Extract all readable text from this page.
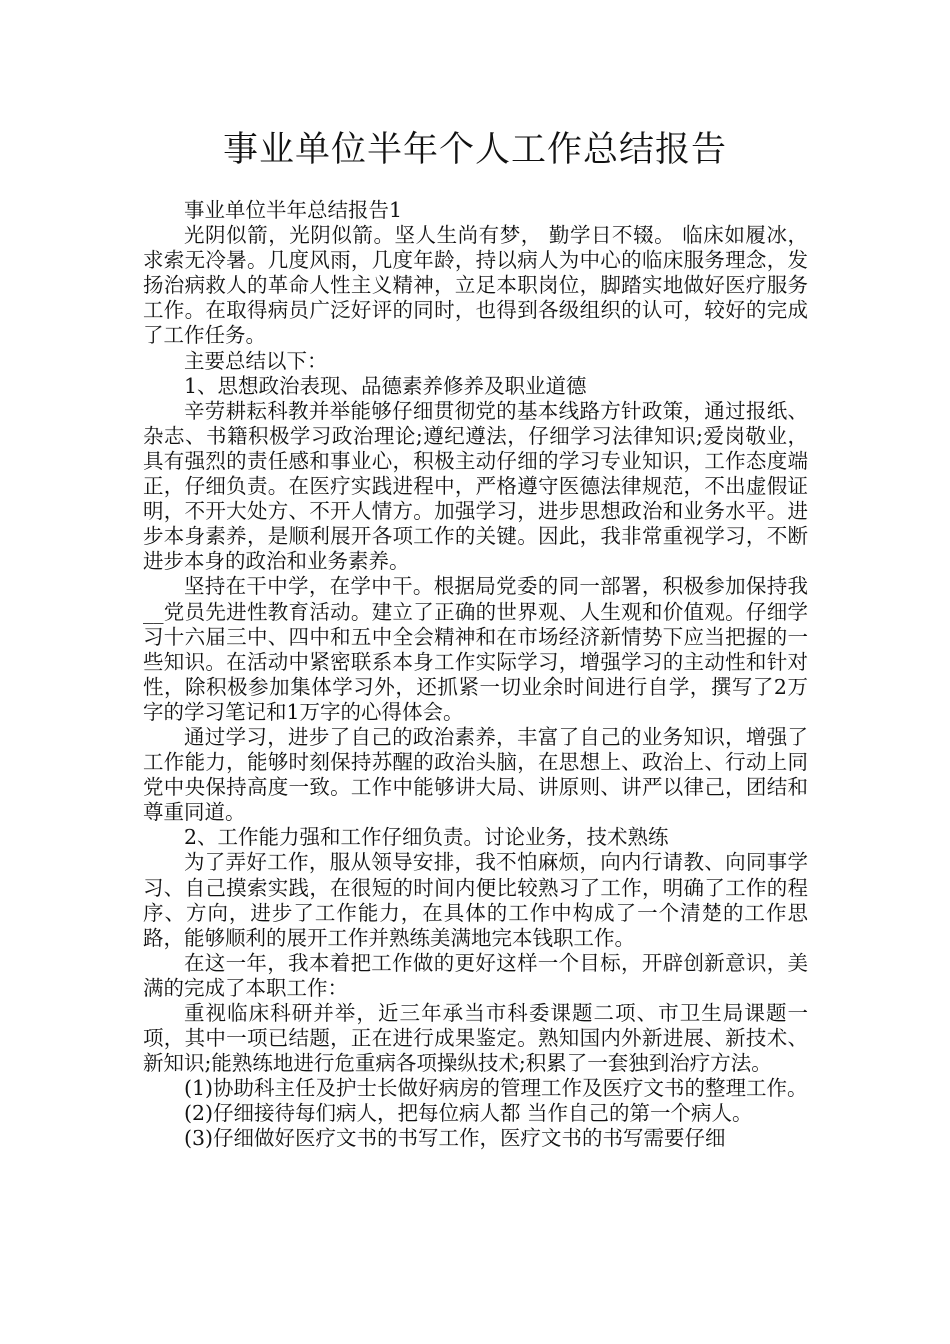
事业单位半年个人工作总结报告

事业单位半年总结报告1

光阴似箭，光阴似箭。坚人生尚有梦， 勤学日不辍。 临床如履冰，求索无冷暑。几度风雨，几度年龄，持以病人为中心的临床服务理念，发扬治病救人的革命人性主义精神，立足本职岗位，脚踏实地做好医疗服务工作。在取得病员广泛好评的同时，也得到各级组织的认可，较好的完成了工作任务。

主要总结以下：

1、思想政治表现、品德素养修养及职业道德

辛劳耕耘科教并举能够仔细贯彻党的基本线路方针政策，通过报纸、杂志、书籍积极学习政治理论;遵纪遵法，仔细学习法律知识;爱岗敬业，具有强烈的责任感和事业心，积极主动仔细的学习专业知识，工作态度端正，仔细负责。在医疗实践进程中，严格遵守医德法律规范，不出虚假证明，不开大处方、不开人情方。加强学习，进步思想政治和业务水平。进步本身素养，是顺利展开各项工作的关键。因此，我非常重视学习，不断进步本身的政治和业务素养。

坚持在干中学，在学中干。根据局党委的同一部署，积极参加保持我__党员先进性教育活动。建立了正确的世界观、人生观和价值观。仔细学习十六届三中、四中和五中全会精神和在市场经济新情势下应当把握的一些知识。在活动中紧密联系本身工作实际学习，增强学习的主动性和针对性，除积极参加集体学习外，还抓紧一切业余时间进行自学，撰写了2万字的学习笔记和1万字的心得体会。

通过学习，进步了自己的政治素养，丰富了自己的业务知识，增强了工作能力，能够时刻保持苏醒的政治头脑，在思想上、政治上、行动上同党中央保持高度一致。工作中能够讲大局、讲原则、讲严以律己，团结和尊重同道。

2、工作能力强和工作仔细负责。讨论业务，技术熟练

为了弄好工作，服从领导安排，我不怕麻烦，向内行请教、向同事学习、自己摸索实践，在很短的时间内便比较熟习了工作，明确了工作的程序、方向，进步了工作能力，在具体的工作中构成了一个清楚的工作思路，能够顺利的展开工作并熟练美满地完本钱职工作。

在这一年，我本着把工作做的更好这样一个目标，开辟创新意识，美满的完成了本职工作：

重视临床科研并举，近三年承当市科委课题二项、市卫生局课题一项，其中一项已结题，正在进行成果鉴定。熟知国内外新进展、新技术、新知识;能熟练地进行危重病各项操纵技术;积累了一套独到治疗方法。

(1)协助科主任及护士长做好病房的管理工作及医疗文书的整理工作。

(2)仔细接待每们病人，把每位病人都 当作自己的第一个病人。

(3)仔细做好医疗文书的书写工作，医疗文书的书写需要仔细
